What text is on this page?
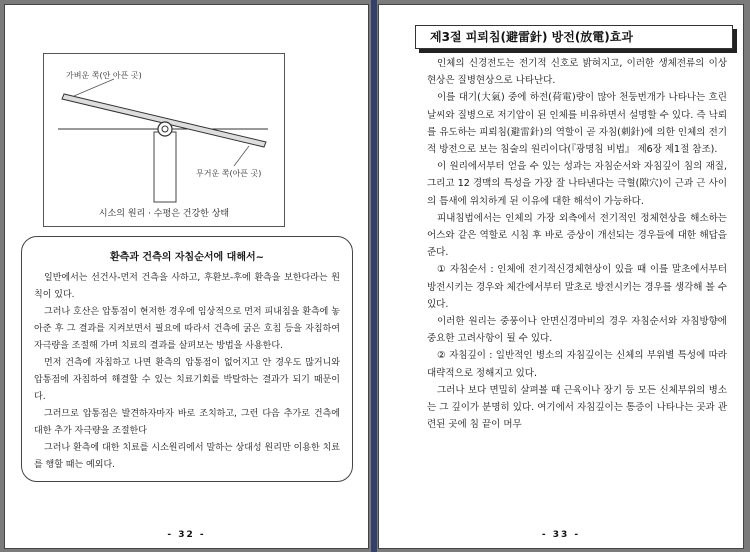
가벼운 쪽(안 아픈 곳)
무거운 쪽(아픈 곳)
시소의 원리 · 수평은 건강한 상태
환측과 건측의 자침순서에 대해서~

일반에서는 선건사-먼저 건측을 사하고, 후환보-후에 환측을 보한다라는 원칙이 있다.

그러나 호산은 압통점이 현저한 경우에 임상적으로 먼저 피내침을 환측에 놓아준 후 그 결과를 지켜보면서 필요에 따라서 건측에 굵은 호침 등을 자침하여 자극량을 조절해 가며 치료의 결과를 살펴보는 방법을 사용한다.

먼저 건측에 자침하고 나면 환측의 압통점이 없어지고 안 경우도 많거니와 압통점에 자침하여 해결할 수 있는 치료기회를 박탈하는 결과가 되기 때문이다.

그러므로 압통점은 발견하자마자 바로 조치하고, 그런 다음 추가로 건측에 대한 추가 자극량을 조절한다

그러나 환측에 대한 치료를 시소원리에서 말하는 상대성 원리만 이용한 치료를 행할 때는 예외다.

- 32 -
제3절 피뢰침(避雷針) 방전(放電)효과

인체의 신경전도는 전기적 신호로 밝혀지고, 이러한 생체전류의 이상현상은 질병현상으로 나타난다.

이를 대기(大氣) 중에 하전(荷電)량이 많아 천둥번개가 나타나는 흐린 날씨와 질병으로 저기압이 된 인체를 비유하면서 설명할 수 있다. 즉 낙뢰를 유도하는 피뢰침(避雷針)의 역할이 곧 자침(刺針)에 의한 인체의 전기적 방전으로 보는 침술의 원리이다(『광명침 비법』 제6장 제1절 참조).

이 원리에서부터 얻을 수 있는 성과는 자침순서와 자침깊이 침의 재질, 그리고 12 경맥의 특성을 가장 잘 나타낸다는 극혈(隙穴)이 근과 근 사이의 틈새에 위치하게 된 이유에 대한 해석이 가능하다.

피내침법에서는 인체의 가장 외측에서 전기적인 정체현상을 해소하는 어스와 같은 역할로 시침 후 바로 증상이 개선되는 경우들에 대한 해답을 준다.

① 자침순서 : 인체에 전기적신경체현상이 있을 때 이를 말초에서부터 방전시키는 경우와 체간에서부터 말초로 방전시키는 경우를 생각해 볼 수 있다.

이러한 원리는 중풍이나 안면신경마비의 경우 자침순서와 자침방향에 중요한 고려사항이 될 수 있다.

② 자침깊이 : 일반적인 병소의 자침깊이는 신체의 부위별 특성에 따라 대략적으로 정해지고 있다.

그러나 보다 면밀히 살펴볼 때 근육이나 장기 등 모든 신체부위의 병소는 그 깊이가 분명히 있다. 여기에서 자침깊이는 통증이 나타나는 곳과 관련된 곳에 침 끝이 머무

- 33 -
